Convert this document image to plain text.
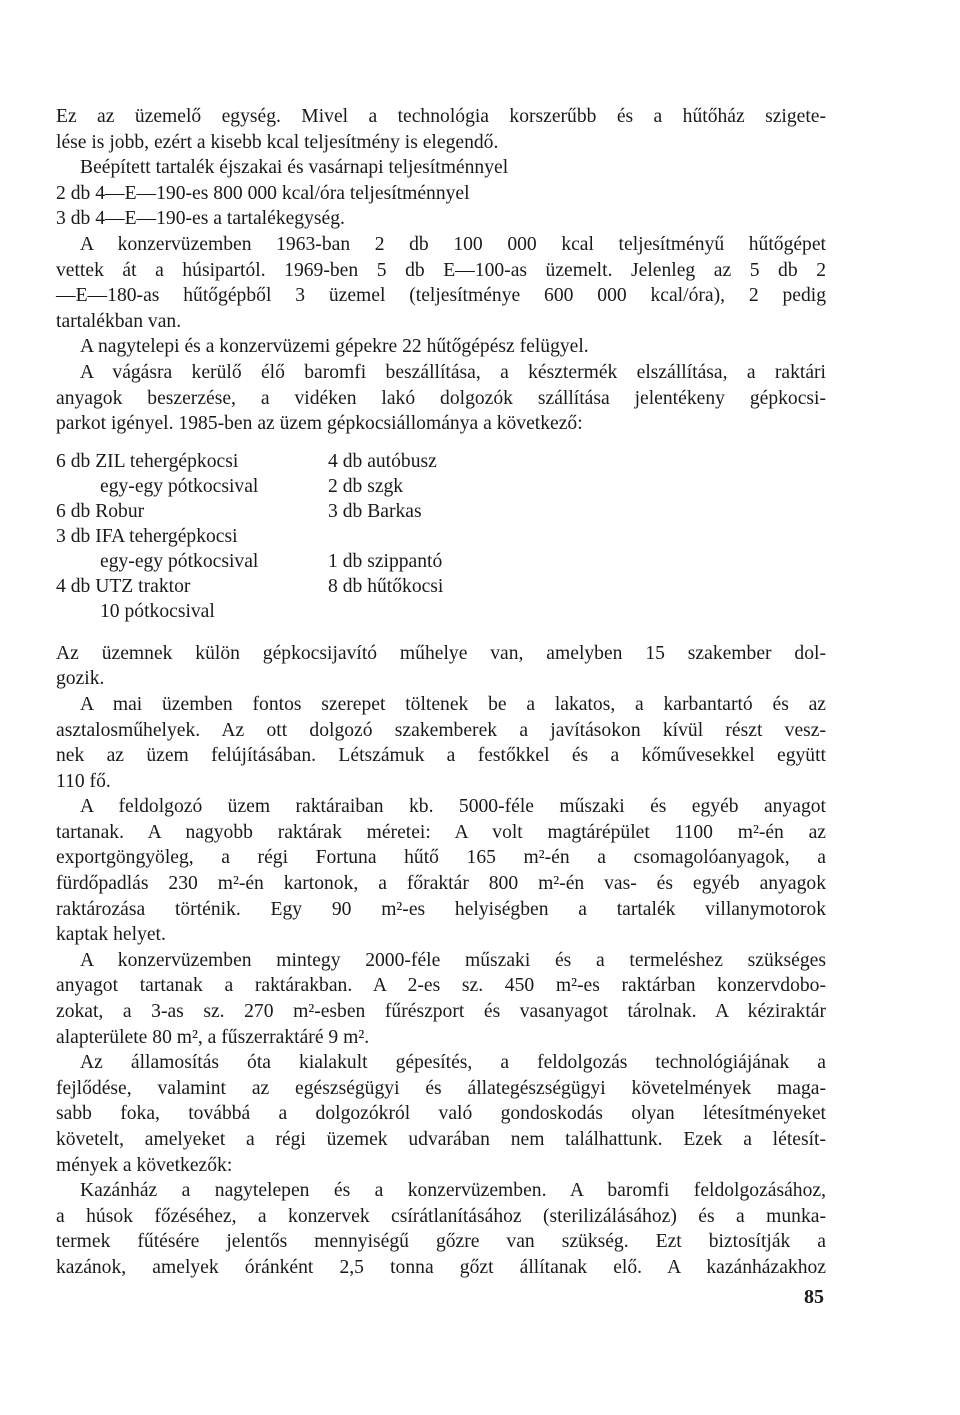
Ez az üzemelő egység. Mivel a technológia korszerűbb és a hűtőház szigete-
lése is jobb, ezért a kisebb kcal teljesítmény is elegendő.
Beépített tartalék éjszakai és vasárnapi teljesítménnyel
2 db 4—E—190-es 800 000 kcal/óra teljesítménnyel
3 db 4—E—190-es a tartalékegység.
A konzervüzemben 1963-ban 2 db 100 000 kcal teljesítményű hűtőgépet
vettek át a húsipartól. 1969-ben 5 db E—100-as üzemelt. Jelenleg az 5 db 2
—E—180-as hűtőgépből 3 üzemel (teljesítménye 600 000 kcal/óra), 2 pedig
tartalékban van.
A nagytelepi és a konzervüzemi gépekre 22 hűtőgépész felügyel.
A vágásra kerülő élő baromfi beszállítása, a késztermék elszállítása, a raktári
anyagok beszerzése, a vidéken lakó dolgozók szállítása jelentékeny gépkocsi-
parkot igényel. 1985-ben az üzem gépkocsiállománya a következő:
6 db ZIL tehergépkocsi
egy-egy pótkocsival
6 db Robur
3 db IFA tehergépkocsi
egy-egy pótkocsival
4 db UTZ traktor
10 pótkocsival
4 db autóbusz
2 db szgk
3 db Barkas
1 db szippantó
8 db hűtőkocsi
Az üzemnek külön gépkocsijavító műhelye van, amelyben 15 szakember dol-
gozik.
A mai üzemben fontos szerepet töltenek be a lakatos, a karbantartó és az
asztalosműhelyek. Az ott dolgozó szakemberek a javításokon kívül részt vesz-
nek az üzem felújításában. Létszámuk a festőkkel és a kőművesekkel együtt
110 fő.
A feldolgozó üzem raktáraiban kb. 5000-féle műszaki és egyéb anyagot
tartanak. A nagyobb raktárak méretei: A volt magtárépület 1100 m²-én az
exportgöngyöleg, a régi Fortuna hűtő 165 m²-én a csomagolóanyagok, a
fürdőpadlás 230 m²-én kartonok, a főraktár 800 m²-én vas- és egyéb anyagok
raktározása történik. Egy 90 m²-es helyiségben a tartalék villanymotorok
kaptak helyet.
A konzervüzemben mintegy 2000-féle műszaki és a termeléshez szükséges
anyagot tartanak a raktárakban. A 2-es sz. 450 m²-es raktárban konzervdobo-
zokat, a 3-as sz. 270 m²-esben fűrészport és vasanyagot tárolnak. A kéziraktár
alapterülete 80 m², a fűszerraktáré 9 m².
Az államosítás óta kialakult gépesítés, a feldolgozás technológiájának a
fejlődése, valamint az egészségügyi és állategészségügyi követelmények maga-
sabb foka, továbbá a dolgozókról való gondoskodás olyan létesítményeket
követelt, amelyeket a régi üzemek udvarában nem találhattunk. Ezek a létesít-
mények a következők:
Kazánház a nagytelepen és a konzervüzemben. A baromfi feldolgozásához,
a húsok főzéséhez, a konzervek csírátlanításához (sterilizálásához) és a munka-
termek fűtésére jelentős mennyiségű gőzre van szükség. Ezt biztosítják a
kazánok, amelyek óránként 2,5 tonna gőzt állítanak elő. A kazánházakhoz
85
